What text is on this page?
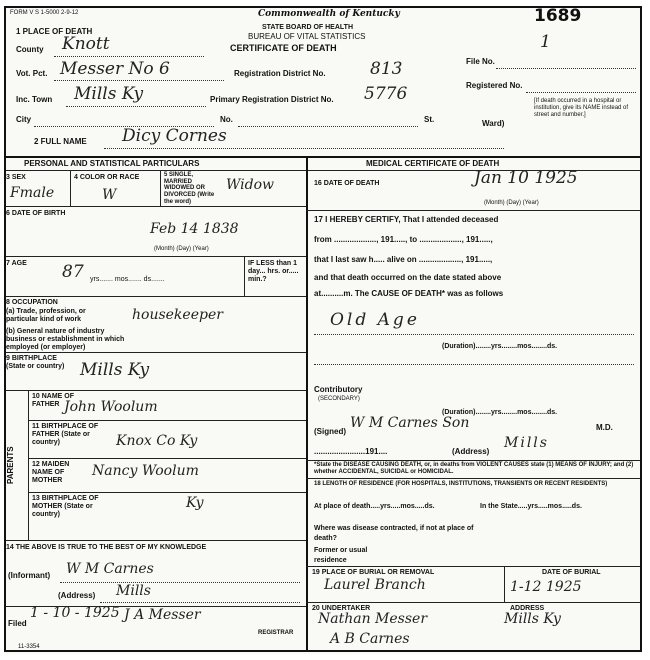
FORM V S 1-5000 2-9-12
1 PLACE OF DEATH
Commonwealth of Kentucky
STATE BOARD OF HEALTH
BUREAU OF VITAL STATISTICS
CERTIFICATE OF DEATH
1689
County Knott
Vot. Pct. Messer No 6	Registration District No.	813	File No.
1
Inc. Town Mills Ky	Primary Registration District No. 5776	Registered No.
[If death occurred in a hospital or institution, give its NAME instead of street and number.]
City	No.	St.	Ward)
2 FULL NAME Dicy Cornes
PERSONAL AND STATISTICAL PARTICULARS	MEDICAL CERTIFICATE OF DEATH
3 SEX
Fmale
4 COLOR OR RACE
W
5 SINGLE, MARRIED WIDOWED OR DIVORCED (Write the word)
Widow
6 DATE OF BIRTH
Feb 14 1838
(Month) (Day) (Year)
7 AGE 87 yrs....... mos....... ds.......
IF LESS than 1 day... hrs. or..... min.?
8 OCCUPATION
(a) Trade, profession, or particular kind of work	housekeeper
(b) General nature of industry business or establishment in which employed (or employer)
9 BIRTHPLACE (State or country) Mills Ky
PARENTS
10 NAME OF FATHER John Woolum
11 BIRTHPLACE OF FATHER (State or country)	Knox Co Ky
12 MAIDEN NAME OF MOTHER
Nancy Woolum
13 BIRTHPLACE OF MOTHER (State or country)
Ky
14 THE ABOVE IS TRUE TO THE BEST OF MY KNOWLEDGE
(Informant) W M Carnes
(Address) Mills
Filed
1 - 10 - 1925 J A Messer
REGISTRAR
11-3354
16 DATE OF DEATH	Jan 10 1925
(Month) (Day) (Year)
17 I HEREBY CERTIFY, That I attended deceased
from ..................., 191....., to ..................., 191.....,
that I last saw h..... alive on ..................., 191.....,
and that death occurred on the date stated above
at..........m. The CAUSE OF DEATH* was as follows
Old Age
(Duration)........yrs........mos........ds.
Contributory
(SECONDARY)
(Duration)........yrs........mos........ds.
(Signed)
W M Carnes Son	M.D.
.......................191....	(Address)
Mills
*State the DISEASE CAUSING DEATH, or, in deaths from VIOLENT CAUSES state (1) MEANS OF INJURY; and (2) whether ACCIDENTAL, SUICIDAL or HOMICIDAL.
18 LENGTH OF RESIDENCE (FOR HOSPITALS, INSTITUTIONS, TRANSIENTS OR RECENT RESIDENTS)
At place of death.....yrs.....mos.....ds.	In the State.....yrs.....mos.....ds.
Where was disease contracted, if not at place of death?
Former or usual residence
19 PLACE OF BURIAL OR REMOVAL
Laurel Branch
DATE OF BURIAL
1-12 1925
20 UNDERTAKER
Nathan Messer
ADDRESS
Mills Ky
A B Carnes
